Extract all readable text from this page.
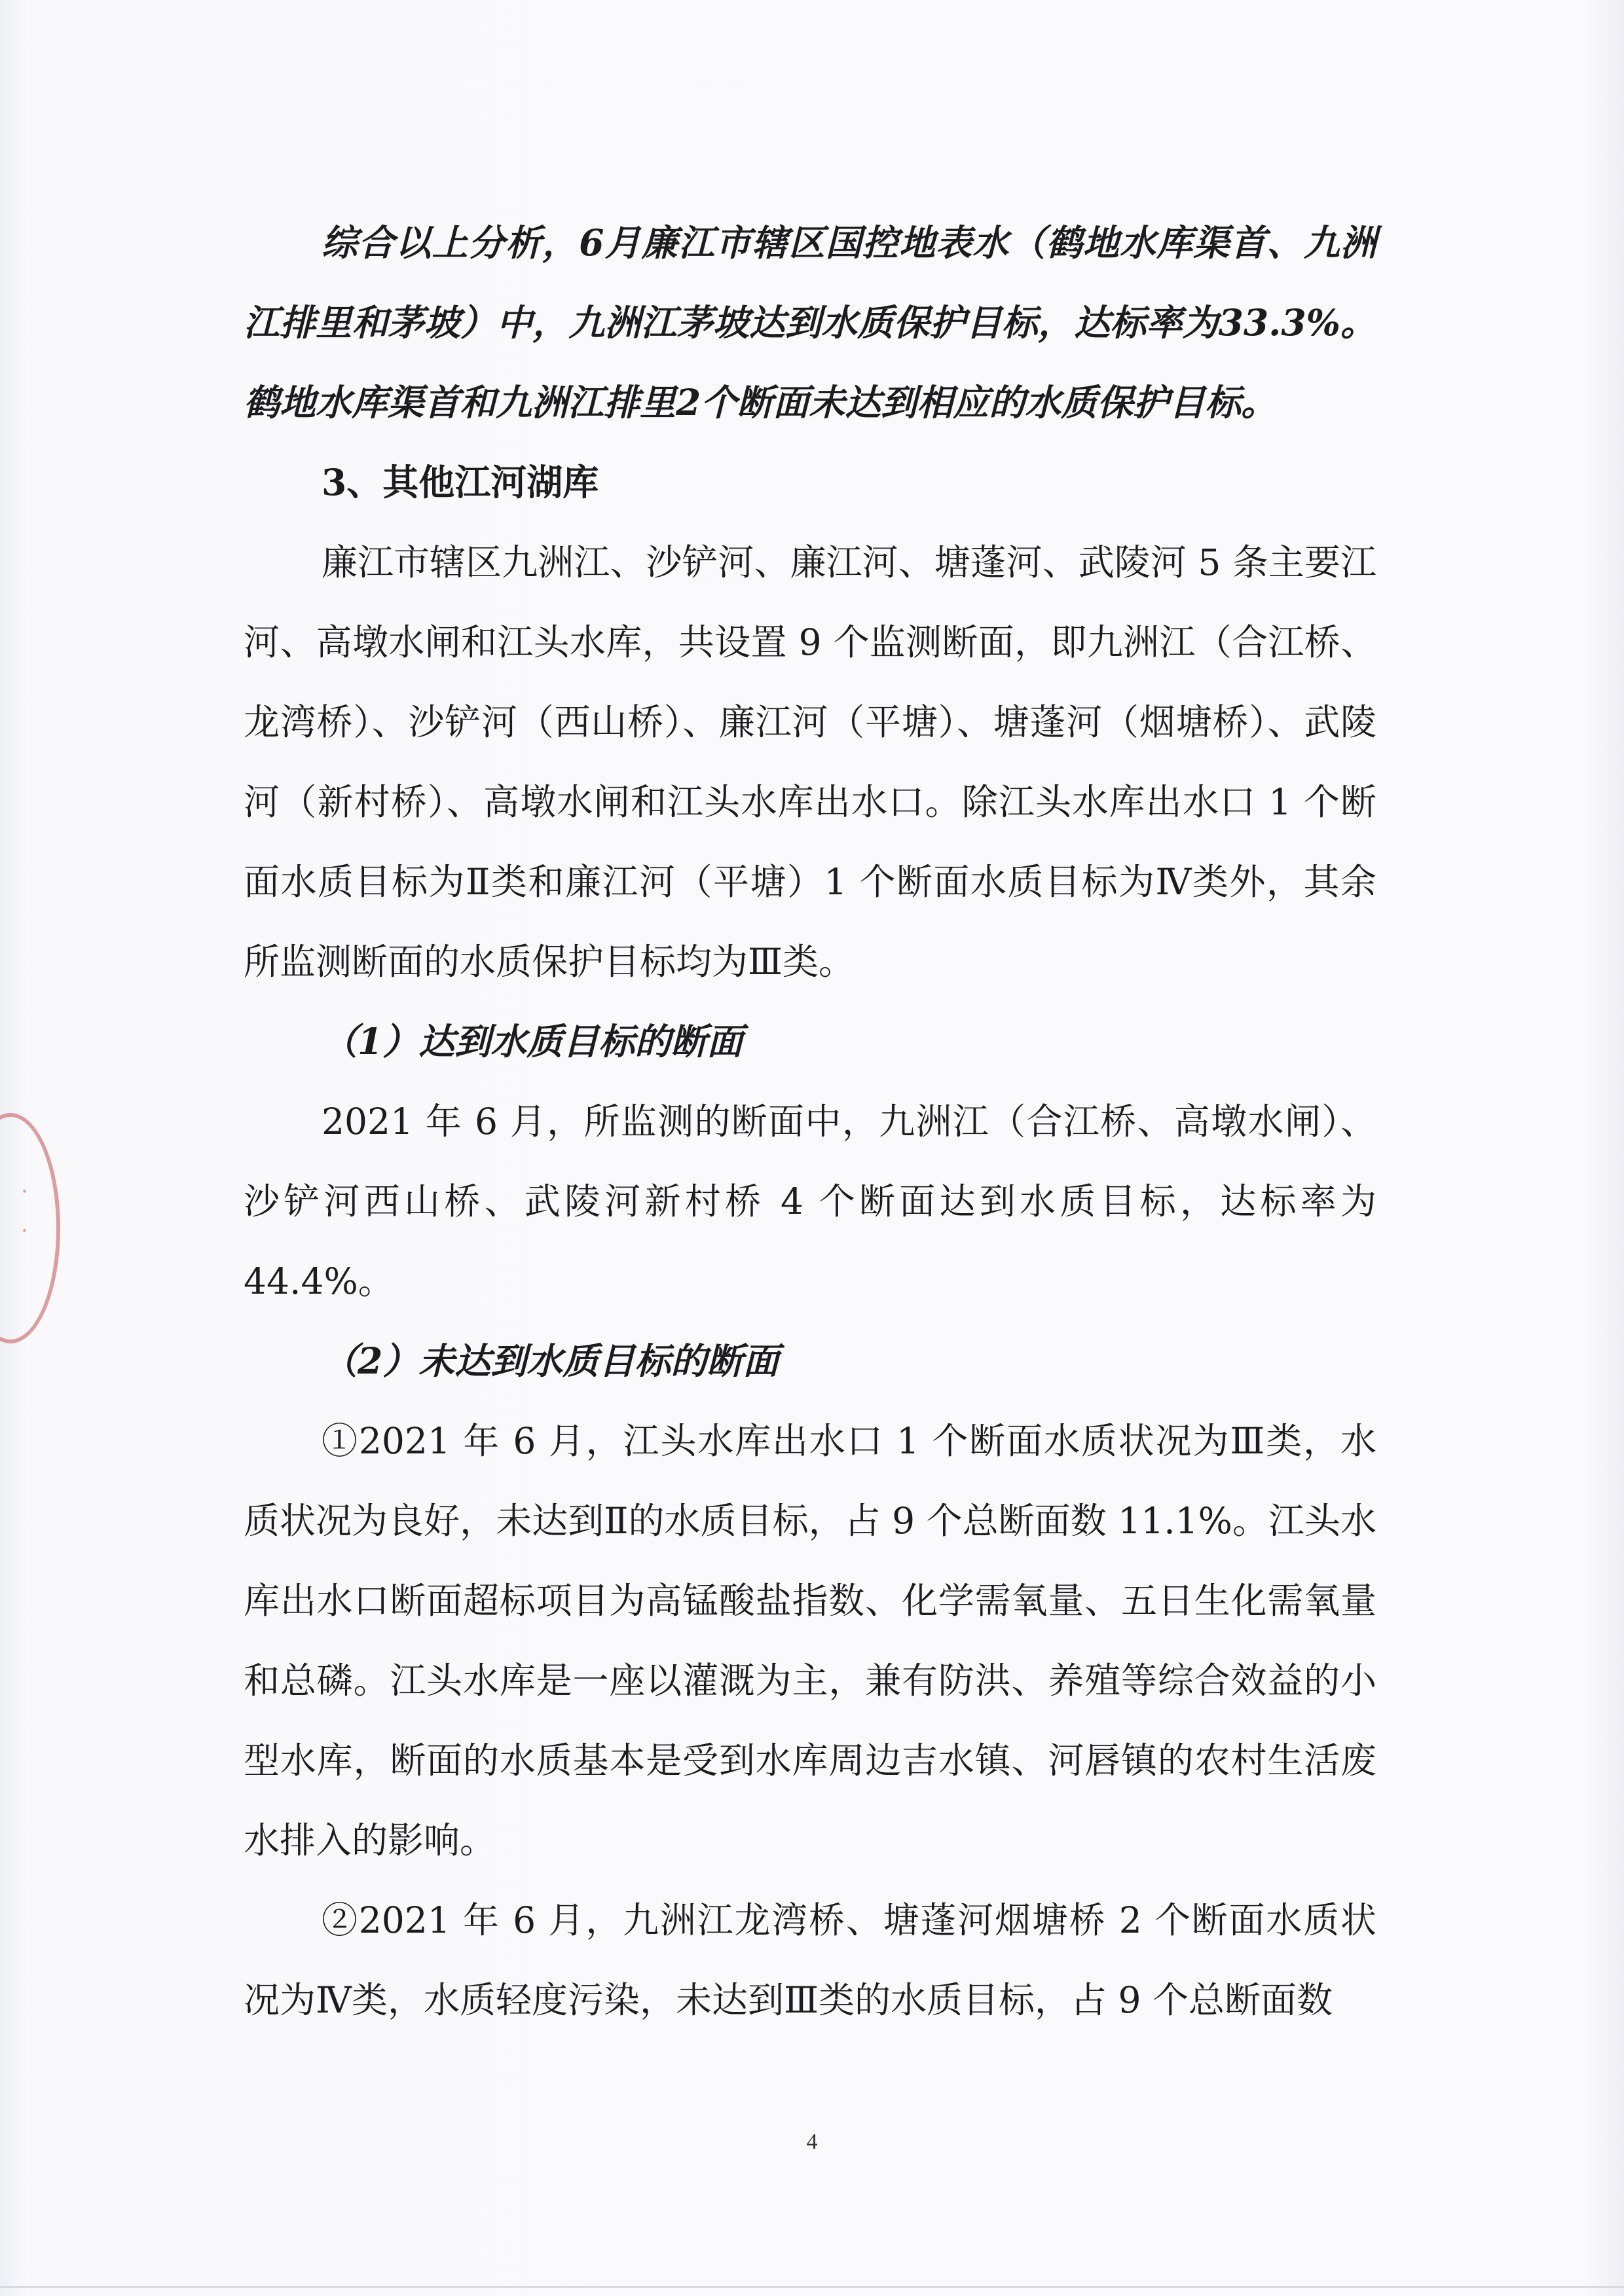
· ·

综合以上分析，6月廉江市辖区国控地表水（鹤地水库渠首、九洲江排里和茅坡）中，九洲江茅坡达到水质保护目标，达标率为33.3%。鹤地水库渠首和九洲江排里2个断面未达到相应的水质保护目标。

3、其他江河湖库

廉江市辖区九洲江、沙铲河、廉江河、塘蓬河、武陵河 5 条主要江河、高墩水闸和江头水库，共设置 9 个监测断面，即九洲江（合江桥、龙湾桥）、沙铲河（西山桥）、廉江河（平塘）、塘蓬河（烟塘桥）、武陵河（新村桥）、高墩水闸和江头水库出水口。除江头水库出水口 1 个断面水质目标为Ⅱ类和廉江河（平塘）1 个断面水质目标为Ⅳ类外，其余所监测断面的水质保护目标均为Ⅲ类。

（1）达到水质目标的断面

2021 年 6 月，所监测的断面中，九洲江（合江桥、高墩水闸）、沙铲河西山桥、武陵河新村桥 4 个断面达到水质目标，达标率为 44.4%。

（2）未达到水质目标的断面

①2021 年 6 月，江头水库出水口 1 个断面水质状况为Ⅲ类，水质状况为良好，未达到Ⅱ的水质目标，占 9 个总断面数 11.1%。江头水库出水口断面超标项目为高锰酸盐指数、化学需氧量、五日生化需氧量和总磷。江头水库是一座以灌溉为主，兼有防洪、养殖等综合效益的小型水库，断面的水质基本是受到水库周边吉水镇、河唇镇的农村生活废水排入的影响。

②2021 年 6 月，九洲江龙湾桥、塘蓬河烟塘桥 2 个断面水质状况为Ⅳ类，水质轻度污染，未达到Ⅲ类的水质目标，占 9 个总断面数

4
